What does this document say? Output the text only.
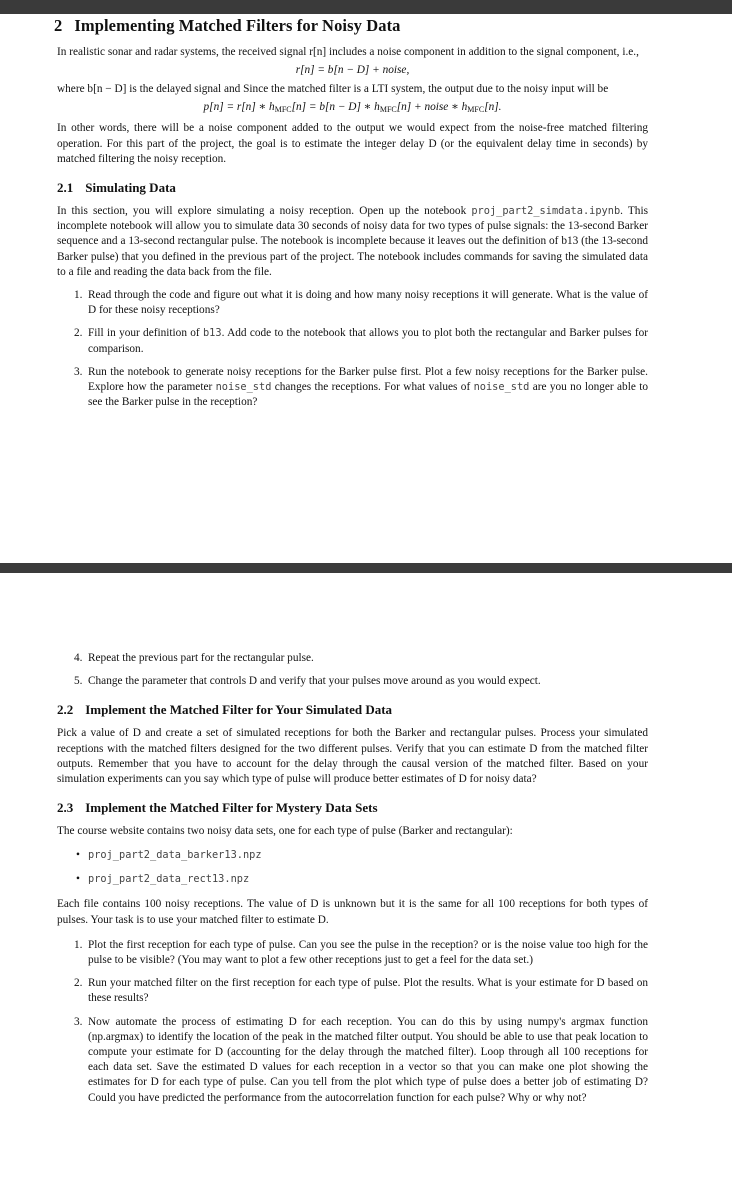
2 Implementing Matched Filters for Noisy Data

In realistic sonar and radar systems, the received signal r[n] includes a noise component in addition to the signal component, i.e.,

r[n] = b[n − D] + noise,

where b[n − D] is the delayed signal and Since the matched filter is a LTI system, the output due to the noisy input will be

p[n] = r[n] ∗ $h_{MFC}[n] = b[n - D]$ ∗ $h_{MFC}[n]$ + noise ∗ $h_{MFC}[n]$.

In other words, there will be a noise component added to the output we would expect from the noise-free matched filtering operation. For this part of the project, the goal is to estimate the integer delay D (or the equivalent delay time in seconds) by matched filtering the noisy reception.

2.1 Simulating Data

In this section, you will explore simulating a noisy reception. Open up the notebook proj_part2_simdata.ipynb. This incomplete notebook will allow you to simulate data 30 seconds of noisy data for two types of pulse signals: the 13-second Barker sequence and a 13-second rectangular pulse. The notebook is incomplete because it leaves out the definition of b13 (the 13-second Barker pulse) that you defined in the previous part of the project. The notebook includes commands for saving the simulated data to a file and reading the data back from the file.

1. Read through the code and figure out what it is doing and how many noisy receptions it will generate. What is the value of D for these noisy receptions?
2. Fill in your definition of b13. Add code to the notebook that allows you to plot both the rectangular and Barker pulses for comparison.
3. Run the notebook to generate noisy receptions for the Barker pulse first. Plot a few noisy receptions for the Barker pulse. Explore how the parameter noise_std changes the receptions. For what values of noise_std are you no longer able to see the Barker pulse in the reception?
4. Repeat the previous part for the rectangular pulse.
5. Change the parameter that controls D and verify that your pulses move around as you would expect.
2.2 Implement the Matched Filter for Your Simulated Data

Pick a value of D and create a set of simulated receptions for both the Barker and rectangular pulses. Process your simulated receptions with the matched filters designed for the two different pulses. Verify that you can estimate D from the matched filter outputs. Remember that you have to account for the delay through the causal version of the matched filter. Based on your simulation experiments can you say which type of pulse will produce better estimates of D for noisy data?

2.3 Implement the Matched Filter for Mystery Data Sets

The course website contains two noisy data sets, one for each type of pulse (Barker and rectangular):

• proj_part2_data_barker13.npz
• proj_part2_data_rect13.npz

Each file contains 100 noisy receptions. The value of D is unknown but it is the same for all 100 receptions for both types of pulses. Your task is to use your matched filter to estimate D.

1. Plot the first reception for each type of pulse. Can you see the pulse in the reception? or is the noise value too high for the pulse to be visible? (You may want to plot a few other receptions just to get a feel for the data set.)
2. Run your matched filter on the first reception for each type of pulse. Plot the results. What is your estimate for D based on these results?
3. Now automate the process of estimating D for each reception. You can do this by using numpy's argmax function (np.argmax) to identify the location of the peak in the matched filter output. You should be able to use that peak location to compute your estimate for D (accounting for the delay through the matched filter). Loop through all 100 receptions for each data set. Save the estimated D values for each reception in a vector so that you can make one plot showing the estimates for D for each type of pulse. Can you tell from the plot which type of pulse does a better job of estimating D? Could you have predicted the performance from the autocorrelation function for each pulse? Why or why not?
